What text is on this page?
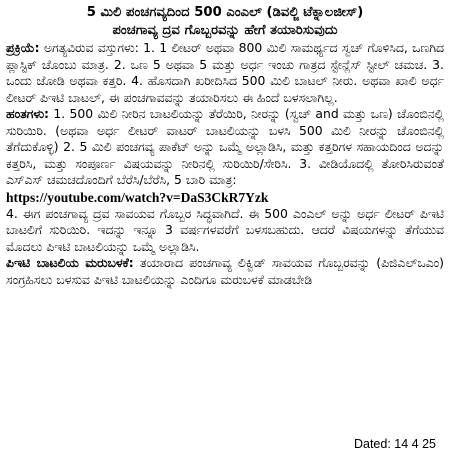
5 ಮಿಲಿ ಪಂಚಗವ್ಯದಿಂದ 500 ಎಂಎಲ್ (ಡಿವಲ್ಜಿ ಟೆಕ್ನಾಲಜೀಸ್)

ಪಂಚಗಾವ್ಯ ದ್ರವ ಗೊಬ್ಬರವನ್ನು ಹೇಗೆ ತಯಾರಿಸುವುದು

ಪ್ರಕ್ರಿಯೆ: ಅಗತ್ಯವಿರುವ ವಸ್ತುಗಳು: 1. 1 ಲೀಟರ್ ಅಥವಾ 800 ಮಿಲಿ ಸಾಮರ್ಥ್ಯದ ಸ್ವಚ್ ಗೊಳಿಸಿದ, ಒಣಗಿದ ಪ್ಲಾಸ್ಟಿಕ್ ಚೊಂಬು ಮಾತ್ರ. 2. ಒಣ 5 ಅಥವಾ 5 ಮತ್ತು ಅರ್ಧ ಇಂಚು ಗಾತ್ರದ ಸ್ಟೇನ್ಲೆಸ್ ಸ್ಟೀಲ್ ಚಮಚ. 3. ಒಂದು ಜೋಡಿ ಅಥವಾ ಕತ್ತರಿ. 4. ಹೊಸದಾಗಿ ಖರೀದಿಸಿದ 500 ಮಿಲಿ ಬಾಟಲ್ ನೀರು. ಅಥವಾ ಖಾಲಿ ಅರ್ಧ ಲೀಟರ್ ಪಿಇಟಿ ಬಾಟಲ್, ಈ ಪಂಚಗಾವವನ್ನು ತಯಾರಿಸಲು ಈ ಹಿಂದೆ ಬಳಸಲಾಗಿಲ್ಲ.

ಹಂತಗಳು: 1. 500 ಮಿಲಿ ನೀರಿನ ಬಾಟಲಿಯನ್ನು ತೆರೆಯಿರಿ, ನೀರನ್ನು (ಸ್ವಚ್ and ಮತ್ತು ಒಣ) ಚೊಂಬಿನಲ್ಲಿ ಸುರಿಯಿರಿ. (ಅಥವಾ ಅರ್ಧ ಲೀಟರ್ ವಾಟರ್ ಬಾಟಲಿಯನ್ನು ಬಳಸಿ 500 ಮಿಲಿ ನೀರನ್ನು ಚೊಂಬಿನಲ್ಲಿ ತೆಗೆದುಕೊಳ್ಳಿ) 2. 5 ಮಿಲಿ ಪಂಚಗವ್ಯ ಪಾಕೆಟ್ ಅನ್ನು ಒಮ್ಮೆ ಅಲ್ಲಾಡಿಸಿ, ಮತ್ತು ಕತ್ತರಿಗಳ ಸಹಾಯದಿಂದ ಅದನ್ನು ಕತ್ತರಿಸಿ, ಮತ್ತು ಸಂಪೂರ್ಣ ವಿಷಯವನ್ನು ನೀರಿನಲ್ಲಿ ಸುರಿಯಿರಿ/ಸೇರಿಸಿ. 3. ವೀಡಿಯೊದಲ್ಲಿ ತೋರಿಸಿರುವಂತೆ ಎಸ್ಎಸ್ ಚಮಚದೊಂದಿಗೆ ಬೆರೆಸಿ/ಬೆರೆಸಿ, 5 ಬಾರಿ ಮಾತ್ರ:

https://youtube.com/watch?v=DaS3CkR7Yzk

4. ಈಗ ಪಂಚಗಾವ್ಯ ದ್ರವ ಸಾವಯವ ಗೊಬ್ಬರ ಸಿದ್ಧವಾಗಿದೆ. ಈ 500 ಎಂಎಲ್ ಅನ್ನು ಅರ್ಧ ಲೀಟರ್ ಪಿಇಟಿ ಬಾಟಲಿಗೆ ಸುರಿಯಿರಿ. ಇದನ್ನು ಇನ್ನೂ 3 ವರ್ಷಗಳವರೆಗೆ ಬಳಸಬಹುದು. ಆದರೆ ವಿಷಯಗಳನ್ನು ತೆಗೆಯುವ ಮೊದಲು ಪಿಇಟಿ ಬಾಟಲಿಯನ್ನು ಒಮ್ಮೆ ಅಲ್ಲಾಡಿಸಿ.

ಪಿಇಟಿ ಬಾಟಲಿಯ ಮರುಬಳಕೆ: ತಯಾರಾದ ಪಂಚಗಾವ್ಯ ಲಿಕ್ವಿಡ್ ಸಾವಯವ ಗೊಬ್ಬರವನ್ನು (ಪಿಜಿಎಲ್ಒಎಂ) ಸಂಗ್ರಹಿಸಲು ಬಳಸುವ ಪಿಇಟಿ ಬಾಟಲಿಯನ್ನು ಎಂದಿಗೂ ಮರುಬಳಕೆ ಮಾಡಬೇಡಿ

Dated: 14 4 25
